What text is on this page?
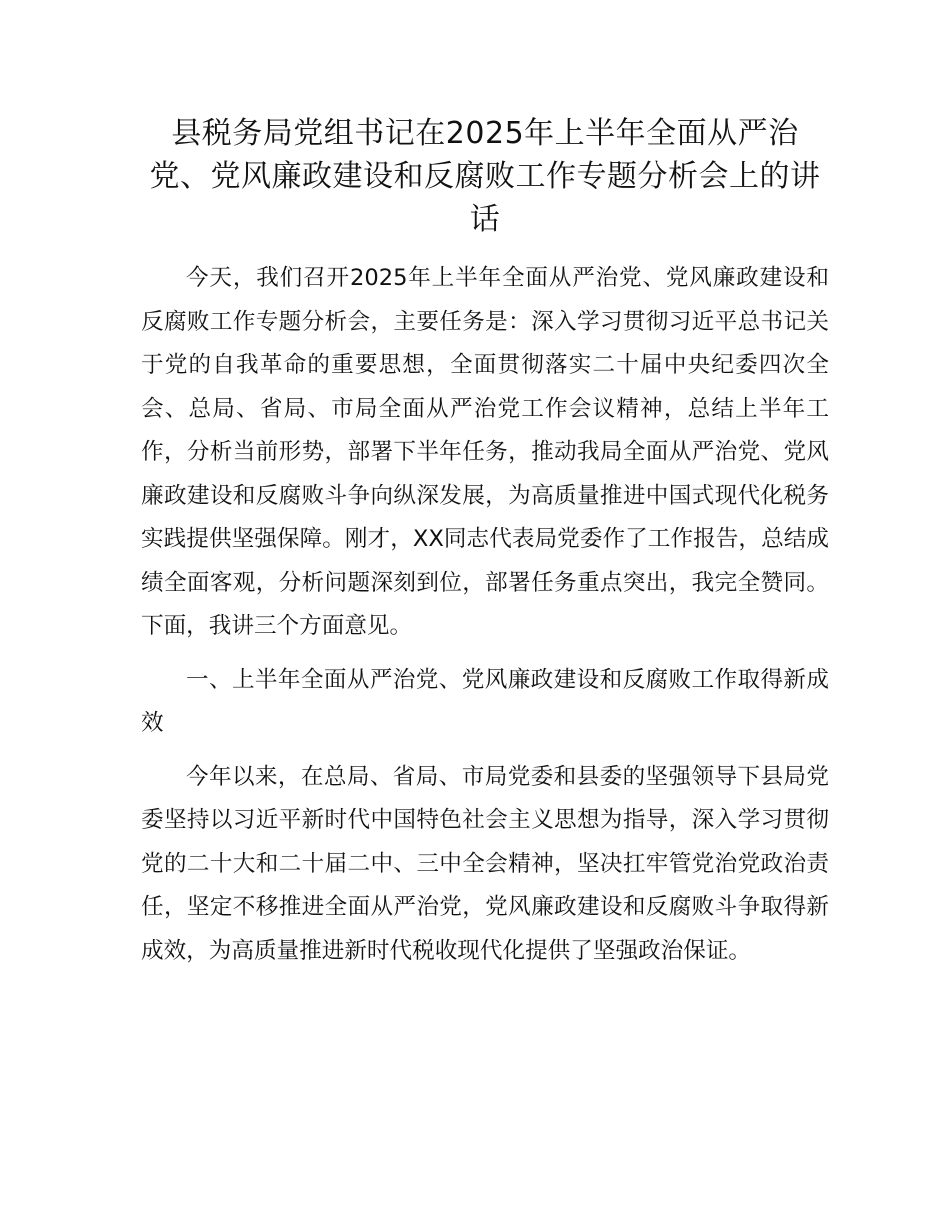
县税务局党组书记在2025年上半年全面从严治党、党风廉政建设和反腐败工作专题分析会上的讲话

今天，我们召开2025年上半年全面从严治党、党风廉政建设和反腐败工作专题分析会，主要任务是：深入学习贯彻习近平总书记关于党的自我革命的重要思想，全面贯彻落实二十届中央纪委四次全会、总局、省局、市局全面从严治党工作会议精神，总结上半年工作，分析当前形势，部署下半年任务，推动我局全面从严治党、党风廉政建设和反腐败斗争向纵深发展，为高质量推进中国式现代化税务实践提供坚强保障。刚才，XX同志代表局党委作了工作报告，总结成绩全面客观，分析问题深刻到位，部署任务重点突出，我完全赞同。下面，我讲三个方面意见。

一、上半年全面从严治党、党风廉政建设和反腐败工作取得新成效

今年以来，在总局、省局、市局党委和县委的坚强领导下县局党委坚持以习近平新时代中国特色社会主义思想为指导，深入学习贯彻党的二十大和二十届二中、三中全会精神，坚决扛牢管党治党政治责任，坚定不移推进全面从严治党，党风廉政建设和反腐败斗争取得新成效，为高质量推进新时代税收现代化提供了坚强政治保证。
